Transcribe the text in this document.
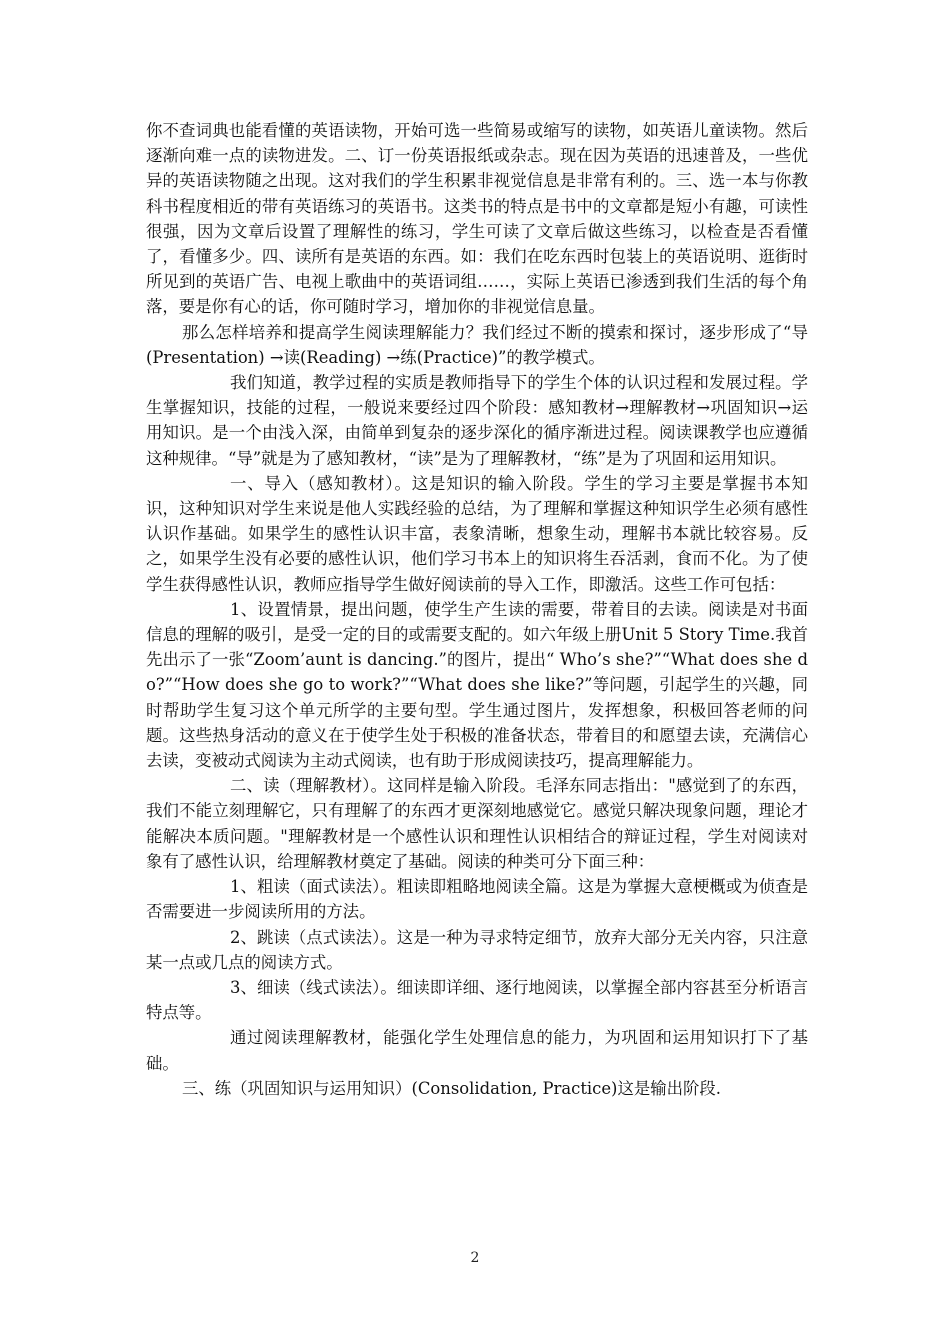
你不查词典也能看懂的英语读物，开始可选一些简易或缩写的读物，如英语儿童读物。然后逐渐向难一点的读物进发。二、订一份英语报纸或杂志。现在因为英语的迅速普及，一些优异的英语读物随之出现。这对我们的学生积累非视觉信息是非常有利的。三、选一本与你教科书程度相近的带有英语练习的英语书。这类书的特点是书中的文章都是短小有趣，可读性很强，因为文章后设置了理解性的练习，学生可读了文章后做这些练习，以检查是否看懂了，看懂多少。四、读所有是英语的东西。如：我们在吃东西时包装上的英语说明、逛街时所见到的英语广告、电视上歌曲中的英语词组……，实际上英语已渗透到我们生活的每个角落，要是你有心的话，你可随时学习，增加你的非视觉信息量。

那么怎样培养和提高学生阅读理解能力？我们经过不断的摸索和探讨，逐步形成了“导(Presentation) →读(Reading) →练(Practice)”的教学模式。

我们知道，教学过程的实质是教师指导下的学生个体的认识过程和发展过程。学生掌握知识，技能的过程，一般说来要经过四个阶段：感知教材→理解教材→巩固知识→运用知识。是一个由浅入深，由简单到复杂的逐步深化的循序渐进过程。阅读课教学也应遵循这种规律。“导”就是为了感知教材，“读”是为了理解教材，“练”是为了巩固和运用知识。

一、导入（感知教材）。这是知识的输入阶段。学生的学习主要是掌握书本知识，这种知识对学生来说是他人实践经验的总结，为了理解和掌握这种知识学生必须有感性认识作基础。如果学生的感性认识丰富，表象清晰，想象生动，理解书本就比较容易。反之，如果学生没有必要的感性认识，他们学习书本上的知识将生吞活剥，食而不化。为了使学生获得感性认识，教师应指导学生做好阅读前的导入工作，即激活。这些工作可包括：

1、设置情景，提出问题，使学生产生读的需要，带着目的去读。阅读是对书面信息的理解的吸引，是受一定的目的或需要支配的。如六年级上册Unit 5 Story Time.我首先出示了一张“Zoom’aunt is dancing.”的图片，提出“ Who’s she?”“What does she do?”“How does she go to work?”“What does she like?”等问题，引起学生的兴趣，同时帮助学生复习这个单元所学的主要句型。学生通过图片，发挥想象，积极回答老师的问题。这些热身活动的意义在于使学生处于积极的准备状态，带着目的和愿望去读，充满信心去读，变被动式阅读为主动式阅读，也有助于形成阅读技巧，提高理解能力。

二、读（理解教材）。这同样是输入阶段。毛泽东同志指出："感觉到了的东西，我们不能立刻理解它，只有理解了的东西才更深刻地感觉它。感觉只解决现象问题，理论才能解决本质问题。"理解教材是一个感性认识和理性认识相结合的辩证过程，学生对阅读对象有了感性认识，给理解教材奠定了基础。阅读的种类可分下面三种：

1、粗读（面式读法）。粗读即粗略地阅读全篇。这是为掌握大意梗概或为侦查是否需要进一步阅读所用的方法。

2、跳读（点式读法）。这是一种为寻求特定细节，放弃大部分无关内容，只注意某一点或几点的阅读方式。

3、细读（线式读法）。细读即详细、逐行地阅读，以掌握全部内容甚至分析语言特点等。

通过阅读理解教材，能强化学生处理信息的能力，为巩固和运用知识打下了基础。

三、练（巩固知识与运用知识）(Consolidation, Practice)这是输出阶段.

2
